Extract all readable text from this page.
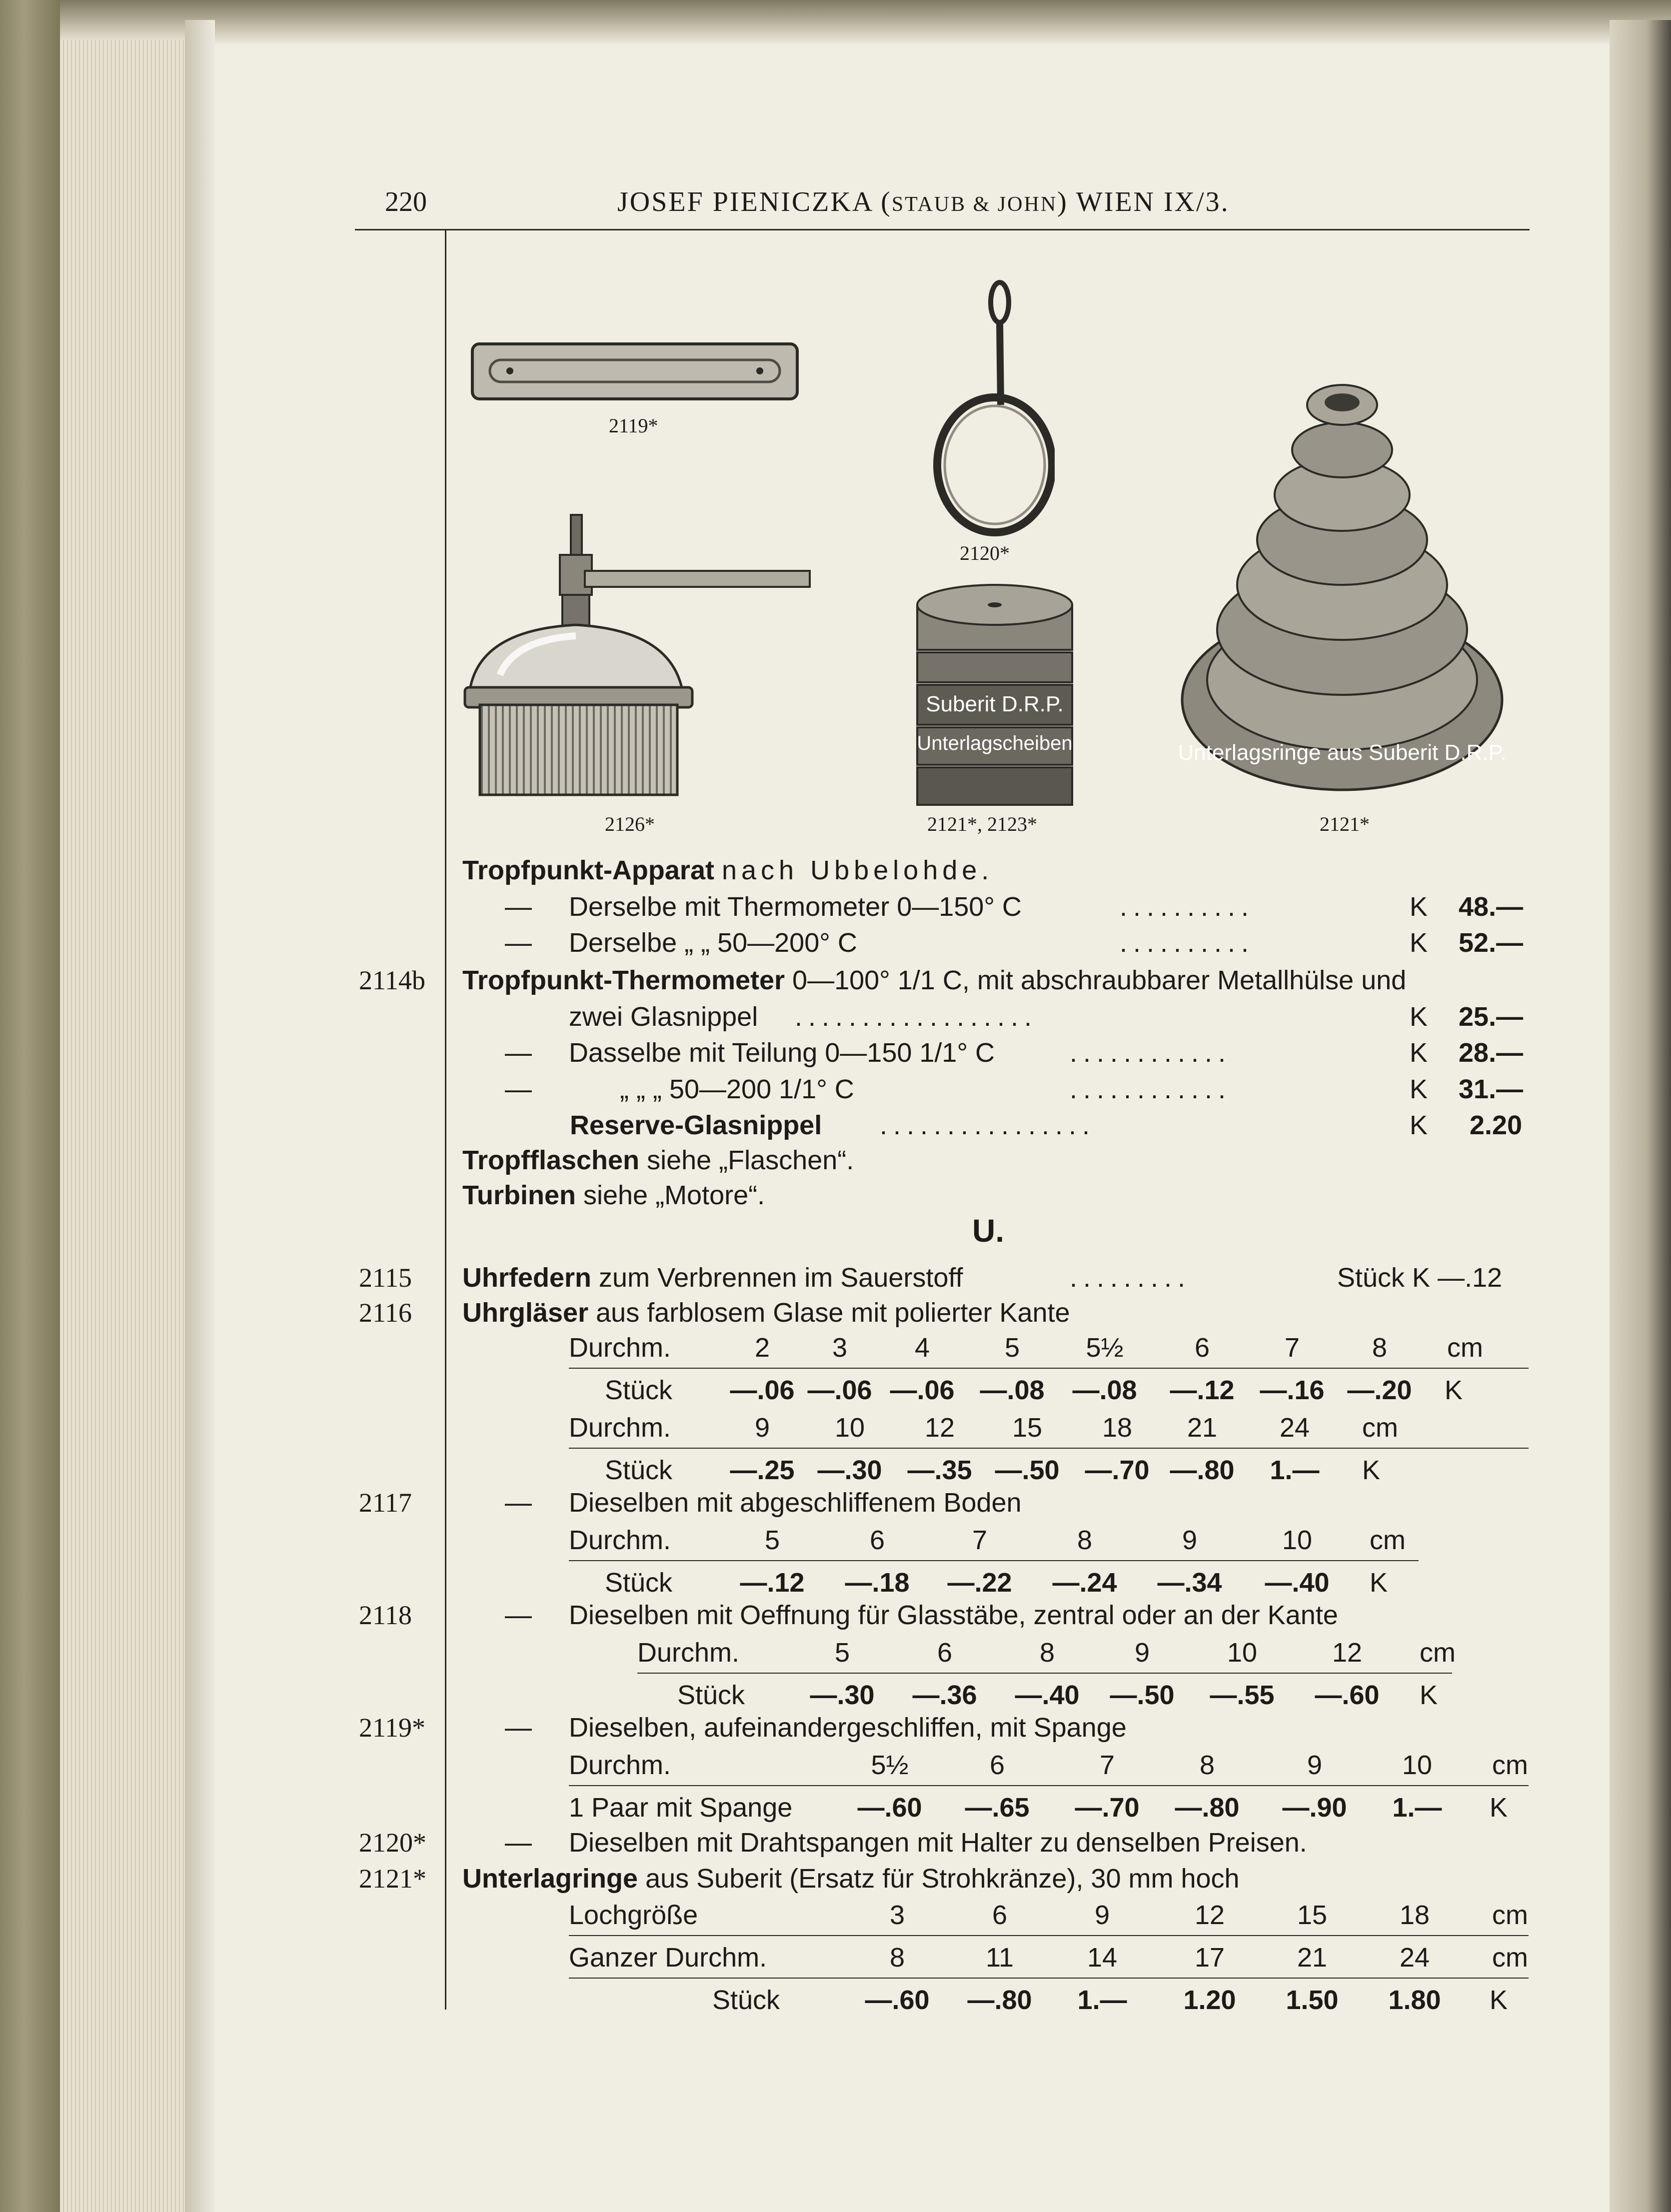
220	JOSEF PIENICZKA (STAUB & JOHN) WIEN IX/3.
2119*
2120*
2126*
Suberit D.R.P.
Unterlagscheiben
2121*, 2123*
Unterlagsringe aus Suberit D.R.P.
2121*
Tropfpunkt-Apparat nach Ubbelohde.
— Derselbe mit Thermometer 0—150° C	..........	K 48.—
— Derselbe „ „ 50—200° C	..........	K 52.—
2114b Tropfpunkt-Thermometer 0—100° 1/1 C, mit abschraubbarer Metallhülse und
zwei Glasnippel ..................	K 25.—
— Dasselbe mit Teilung 0—150 1/1° C	............	K 28.—
—	„ „ „ 50—200 1/1° C	............	K 31.—
Reserve-Glasnippel ................	K 2.20
Tropfflaschen siehe „Flaschen“.
Turbinen siehe „Motore“.
U.
2115 Uhrfedern zum Verbrennen im Sauerstoff	.........	Stück K —.12
2116 Uhrgläser aus farblosem Glase mit polierter Kante
Durchm.	2	3	4	5	5½	6	7	8	cm
Stück	—.06 —.06 —.06 —.08	—.08	—.12 —.16 —.20	K
Durchm.	9	10	12	15	18	21	24	cm
Stück	—.25 —.30 —.35 —.50 —.70 —.80	1.—	K
Durchm.	5	6	7	8	9	10	cm
Stück	—.12	—.18	—.22	—.24	—.34	—.40	K
Durchm.	5	6	8	9	10	12	cm
Stück	—.30	—.36	—.40	—.50	—.55	—.60	K
Durchm.	5½	6	7	8	9	10	cm
1 Paar mit Spange	—.60	—.65	—.70	—.80	—.90	1.—	K
Lochgröße	3	6	9	12	15	18	cm
Ganzer Durchm.	8	11	14	17	21	24	cm
Stück	—.60	—.80	1.—	1.20	1.50	1.80	K
2117	— Dieselben mit abgeschliffenem Boden
2118	— Dieselben mit Oeffnung für Glasstäbe, zentral oder an der Kante
2119*	— Dieselben, aufeinandergeschliffen, mit Spange
2120*	— Dieselben mit Drahtspangen mit Halter zu denselben Preisen.
2121* Unterlagringe aus Suberit (Ersatz für Strohkränze), 30 mm hoch
